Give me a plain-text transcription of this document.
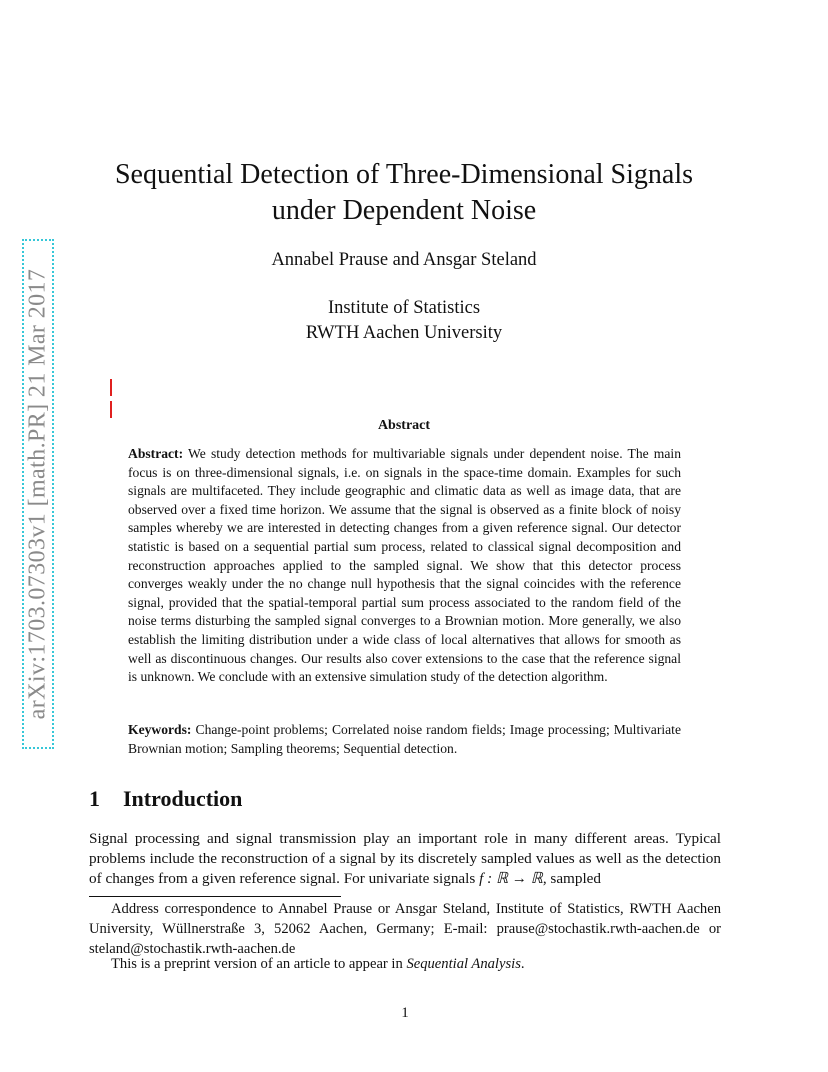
arXiv:1703.07303v1 [math.PR] 21 Mar 2017
Sequential Detection of Three-Dimensional Signals
under Dependent Noise
Annabel Prause and Ansgar Steland
Institute of Statistics
RWTH Aachen University
Abstract
Abstract: We study detection methods for multivariable signals under dependent noise. The main focus is on three-dimensional signals, i.e. on signals in the space-time domain. Examples for such signals are multifaceted. They include geographic and climatic data as well as image data, that are observed over a fixed time horizon. We assume that the signal is observed as a finite block of noisy samples whereby we are interested in detecting changes from a given reference signal. Our detector statistic is based on a sequential partial sum process, related to classical signal decomposition and reconstruction approaches applied to the sampled signal. We show that this detector process converges weakly under the no change null hypothesis that the signal coincides with the reference signal, provided that the spatial-temporal partial sum process associated to the random field of the noise terms disturbing the sampled signal converges to a Brownian motion. More generally, we also establish the limiting distribution under a wide class of local alternatives that allows for smooth as well as discontinuous changes. Our results also cover extensions to the case that the reference signal is unknown. We conclude with an extensive simulation study of the detection algorithm.
Keywords: Change-point problems; Correlated noise random fields; Image processing; Multivariate Brownian motion; Sampling theorems; Sequential detection.
1 Introduction
Signal processing and signal transmission play an important role in many different areas. Typical problems include the reconstruction of a signal by its discretely sampled values as well as the detection of changes from a given reference signal. For univariate signals f : ℝ → ℝ, sampled
Address correspondence to Annabel Prause or Ansgar Steland, Institute of Statistics, RWTH Aachen University, Wüllnerstraße 3, 52062 Aachen, Germany; E-mail: prause@stochastik.rwth-aachen.de or steland@stochastik.rwth-aachen.de
This is a preprint version of an article to appear in Sequential Analysis.
1
